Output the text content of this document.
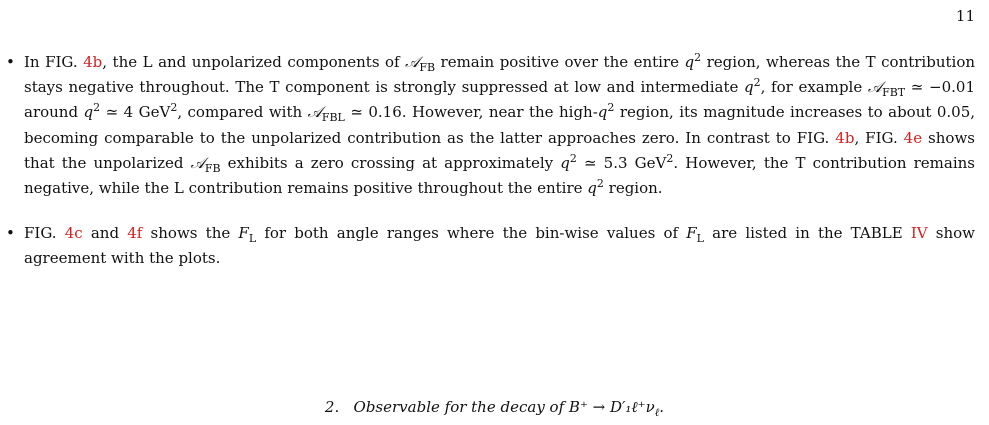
11
• In FIG. 4b, the L and unpolarized components of 𝒜$_{FB}$ remain positive over the entire $q^2$ region, whereas the T contribution stays negative throughout. The T component is strongly suppressed at low and intermediate $q^2$, for example 𝒜$_{FBT}$ ≃ −0.01 around $q^2$ ≃ 4 GeV$^2$, compared with 𝒜$_{FBL}$ ≃ 0.16. However, near the high-$q^2$ region, its magnitude increases to about 0.05, becoming comparable to the unpolarized contribution as the latter approaches zero. In contrast to FIG. 4b, FIG. 4e shows that the unpolarized 𝒜$_{FB}$ exhibits a zero crossing at approximately $q^2$ ≃ 5.3 GeV$^2$. However, the T contribution remains negative, while the L contribution remains positive throughout the entire $q^2$ region.
• FIG. 4c and 4f shows the $F_L$ for both angle ranges where the bin-wise values of $F_L$ are listed in the TABLE IV show agreement with the plots.
2. Observable for the decay of $B^+ \to D'_1\ell^+\nu_\ell$.
